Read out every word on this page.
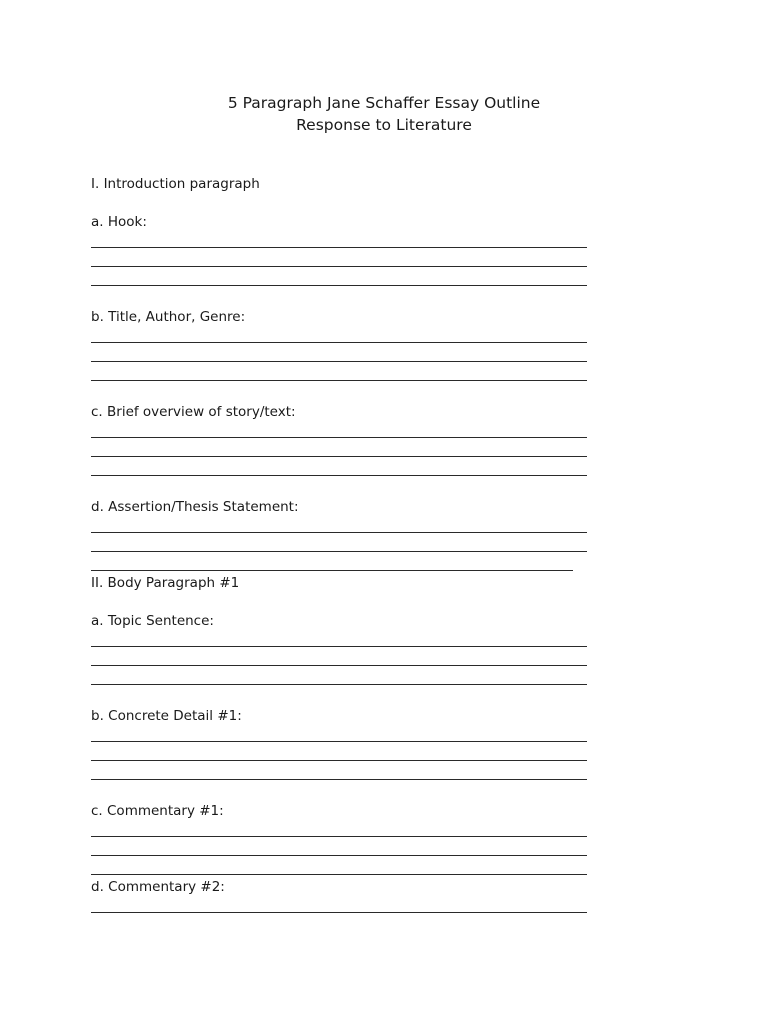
5 Paragraph Jane Schaffer Essay Outline
Response to Literature
I. Introduction paragraph
a. Hook:
b. Title, Author, Genre:
c. Brief overview of story/text:
d. Assertion/Thesis Statement:
II. Body Paragraph #1
a. Topic Sentence:
b. Concrete Detail #1:
c. Commentary #1:
d. Commentary #2:
